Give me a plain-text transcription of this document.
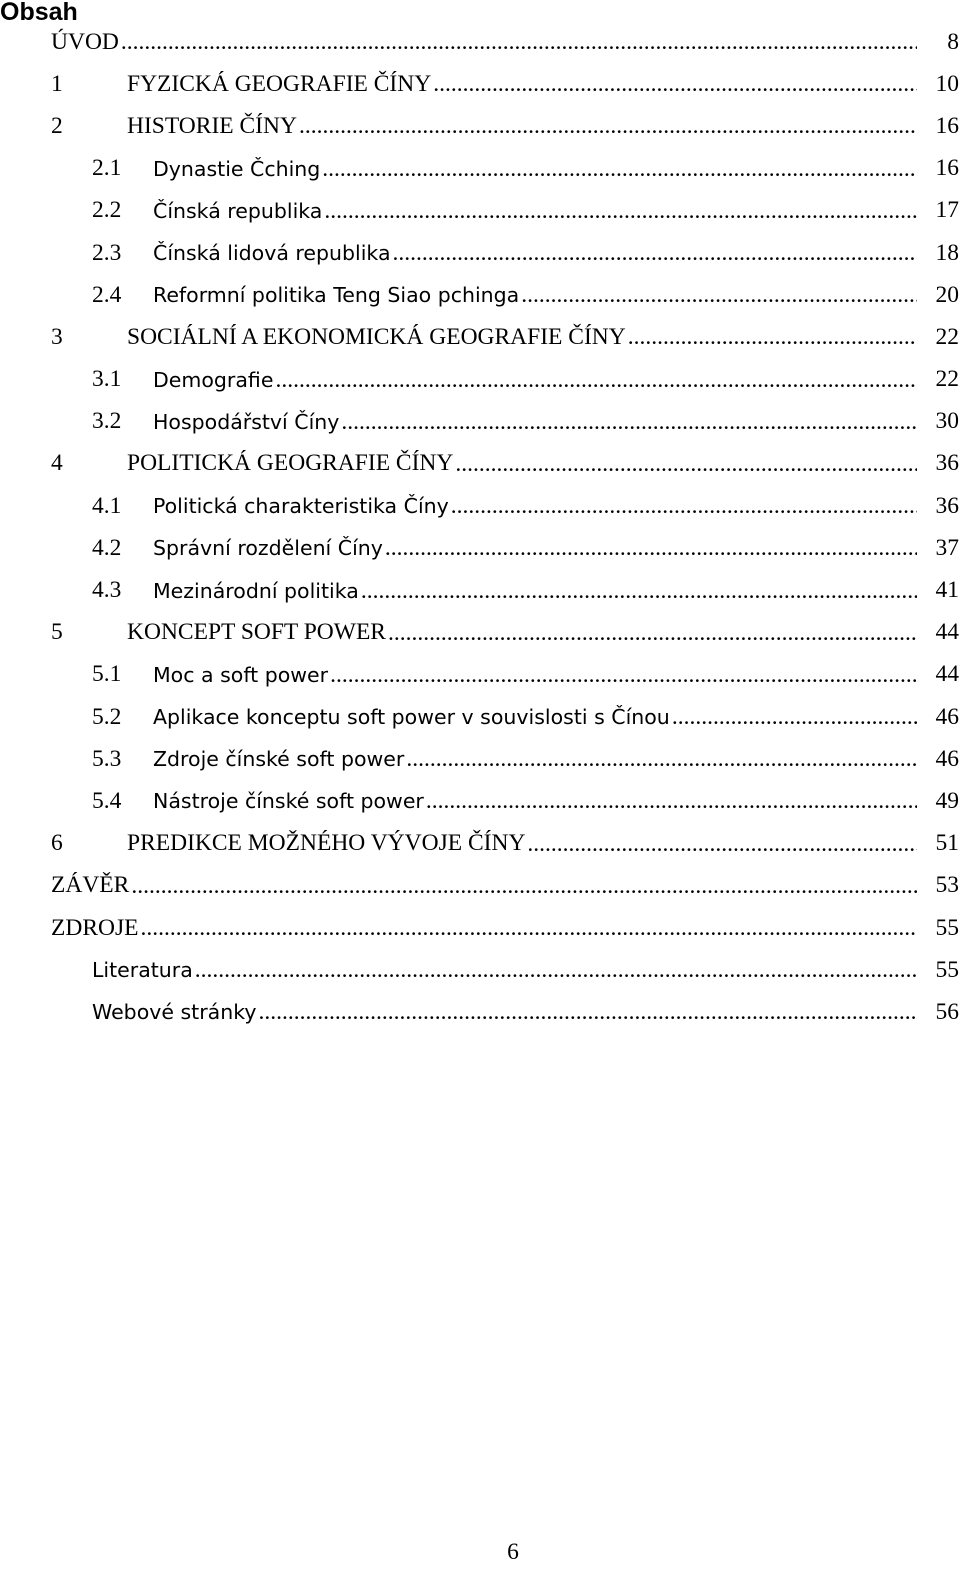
Obsah
ÚVOD .....	8
1	FYZICKÁ GEOGRAFIE ČÍNY .....	10
2	HISTORIE ČÍNY .....	16
2.1	Dynastie Čching .....	16
2.2	Čínská republika .....	17
2.3	Čínská lidová republika .....	18
2.4	Reformní politika Teng Siao pchinga .....	20
3	SOCIÁLNÍ A EKONOMICKÁ GEOGRAFIE ČÍNY .....	22
3.1	Demografie .....	22
3.2	Hospodářství Číny .....	30
4	POLITICKÁ GEOGRAFIE ČÍNY .....	36
4.1	Politická charakteristika Číny .....	36
4.2	Správní rozdělení Číny .....	37
4.3	Mezinárodní politika .....	41
5	KONCEPT SOFT POWER .....	44
5.1	Moc a soft power .....	44
5.2	Aplikace konceptu soft power v souvislosti s Čínou .....	46
5.3	Zdroje čínské soft power .....	46
5.4	Nástroje čínské soft power .....	49
6	PREDIKCE MOŽNÉHO VÝVOJE ČÍNY .....	51
ZÁVĚR .....	53
ZDROJE .....	55
Literatura .....	55
Webové stránky .....	56
6
